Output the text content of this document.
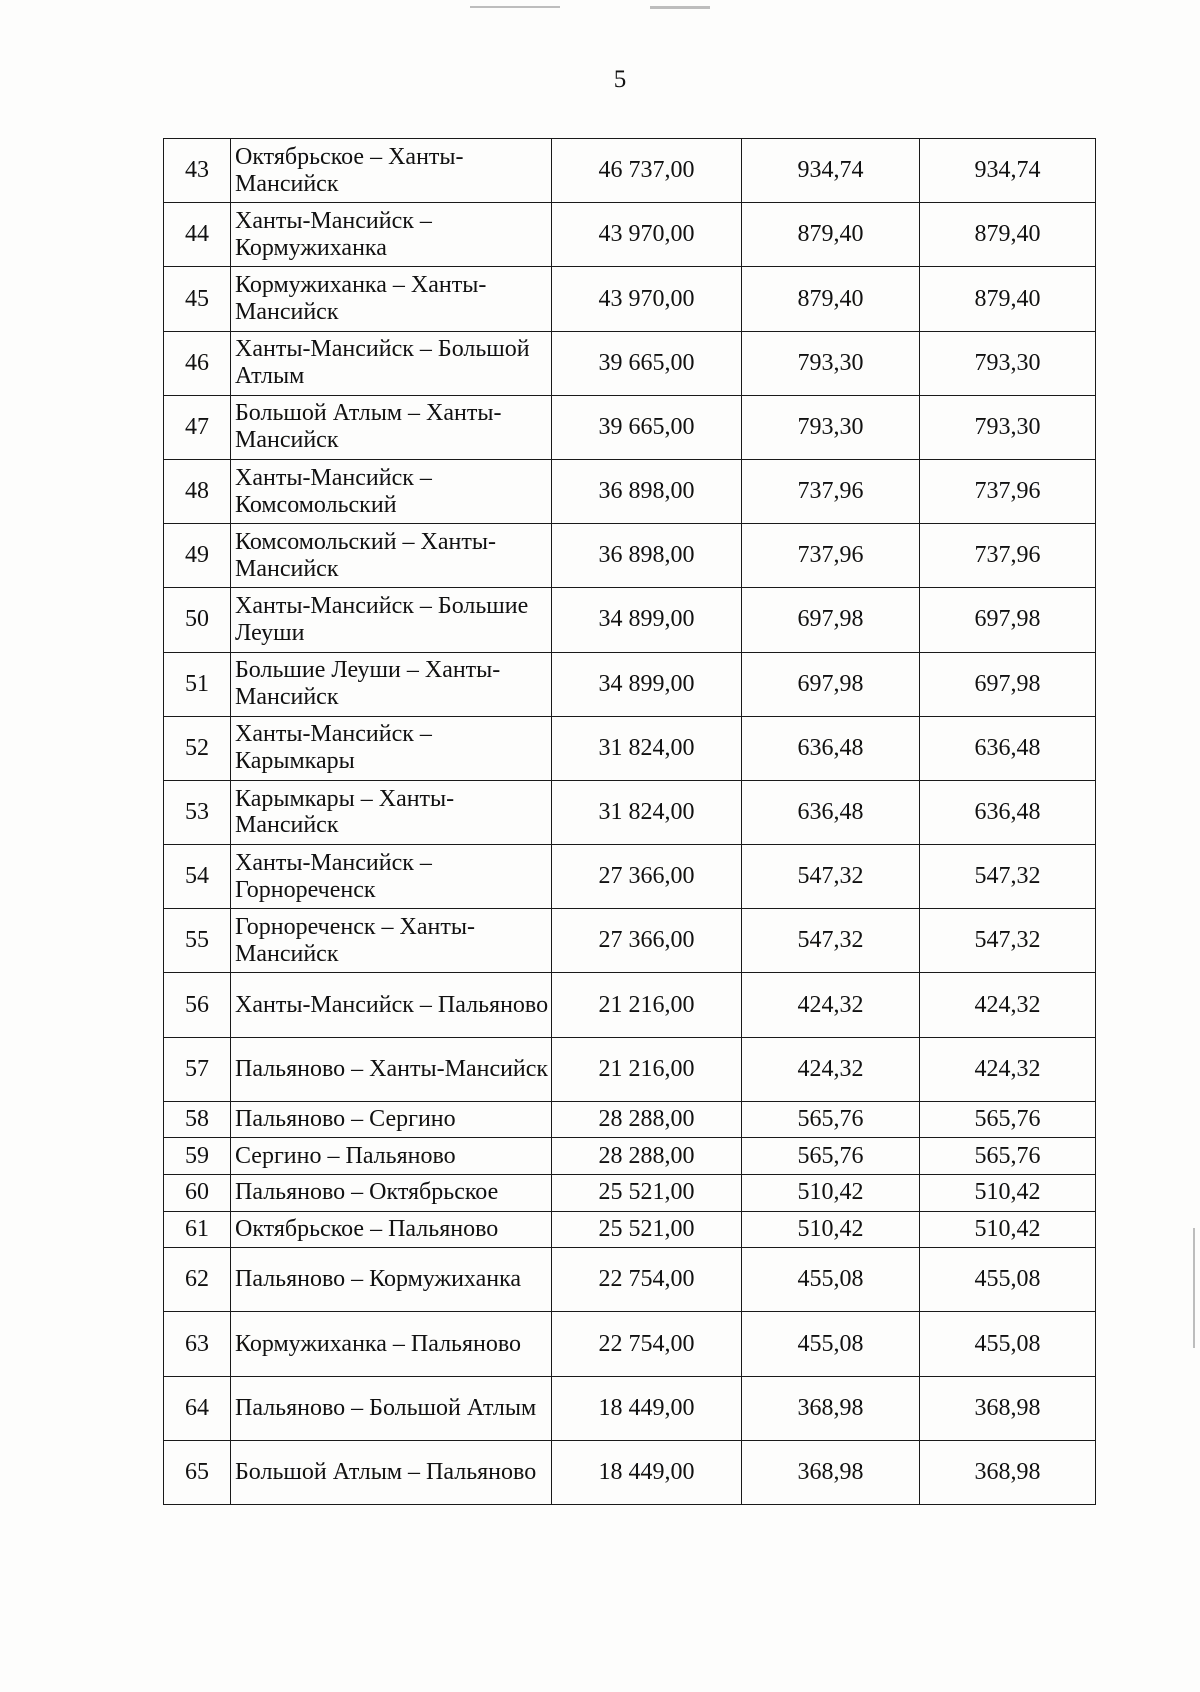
5
43	Октябрьское – Ханты-Мансийск	46 737,00	934,74	934,74
44	Ханты-Мансийск – Кормужиханка	43 970,00	879,40	879,40
45	Кормужиханка – Ханты-Мансийск	43 970,00	879,40	879,40
46	Ханты-Мансийск – Большой Атлым	39 665,00	793,30	793,30
47	Большой Атлым – Ханты-Мансийск	39 665,00	793,30	793,30
48	Ханты-Мансийск – Комсомольский	36 898,00	737,96	737,96
49	Комсомольский – Ханты-Мансийск	36 898,00	737,96	737,96
50	Ханты-Мансийск – Большие Леуши	34 899,00	697,98	697,98
51	Большие Леуши – Ханты-Мансийск	34 899,00	697,98	697,98
52	Ханты-Мансийск – Карымкары	31 824,00	636,48	636,48
53	Карымкары – Ханты-Мансийск	31 824,00	636,48	636,48
54	Ханты-Мансийск – Горнореченск	27 366,00	547,32	547,32
55	Горнореченск – Ханты-Мансийск	27 366,00	547,32	547,32
56	Ханты-Мансийск – Пальяново	21 216,00	424,32	424,32
57	Пальяново – Ханты-Мансийск	21 216,00	424,32	424,32
58	Пальяново – Сергино	28 288,00	565,76	565,76
59	Сергино – Пальяново	28 288,00	565,76	565,76
60	Пальяново – Октябрьское	25 521,00	510,42	510,42
61	Октябрьское – Пальяново	25 521,00	510,42	510,42
62	Пальяново – Кормужиханка	22 754,00	455,08	455,08
63	Кормужиханка – Пальяново	22 754,00	455,08	455,08
64	Пальяново – Большой Атлым	18 449,00	368,98	368,98
65	Большой Атлым – Пальяново	18 449,00	368,98	368,98
